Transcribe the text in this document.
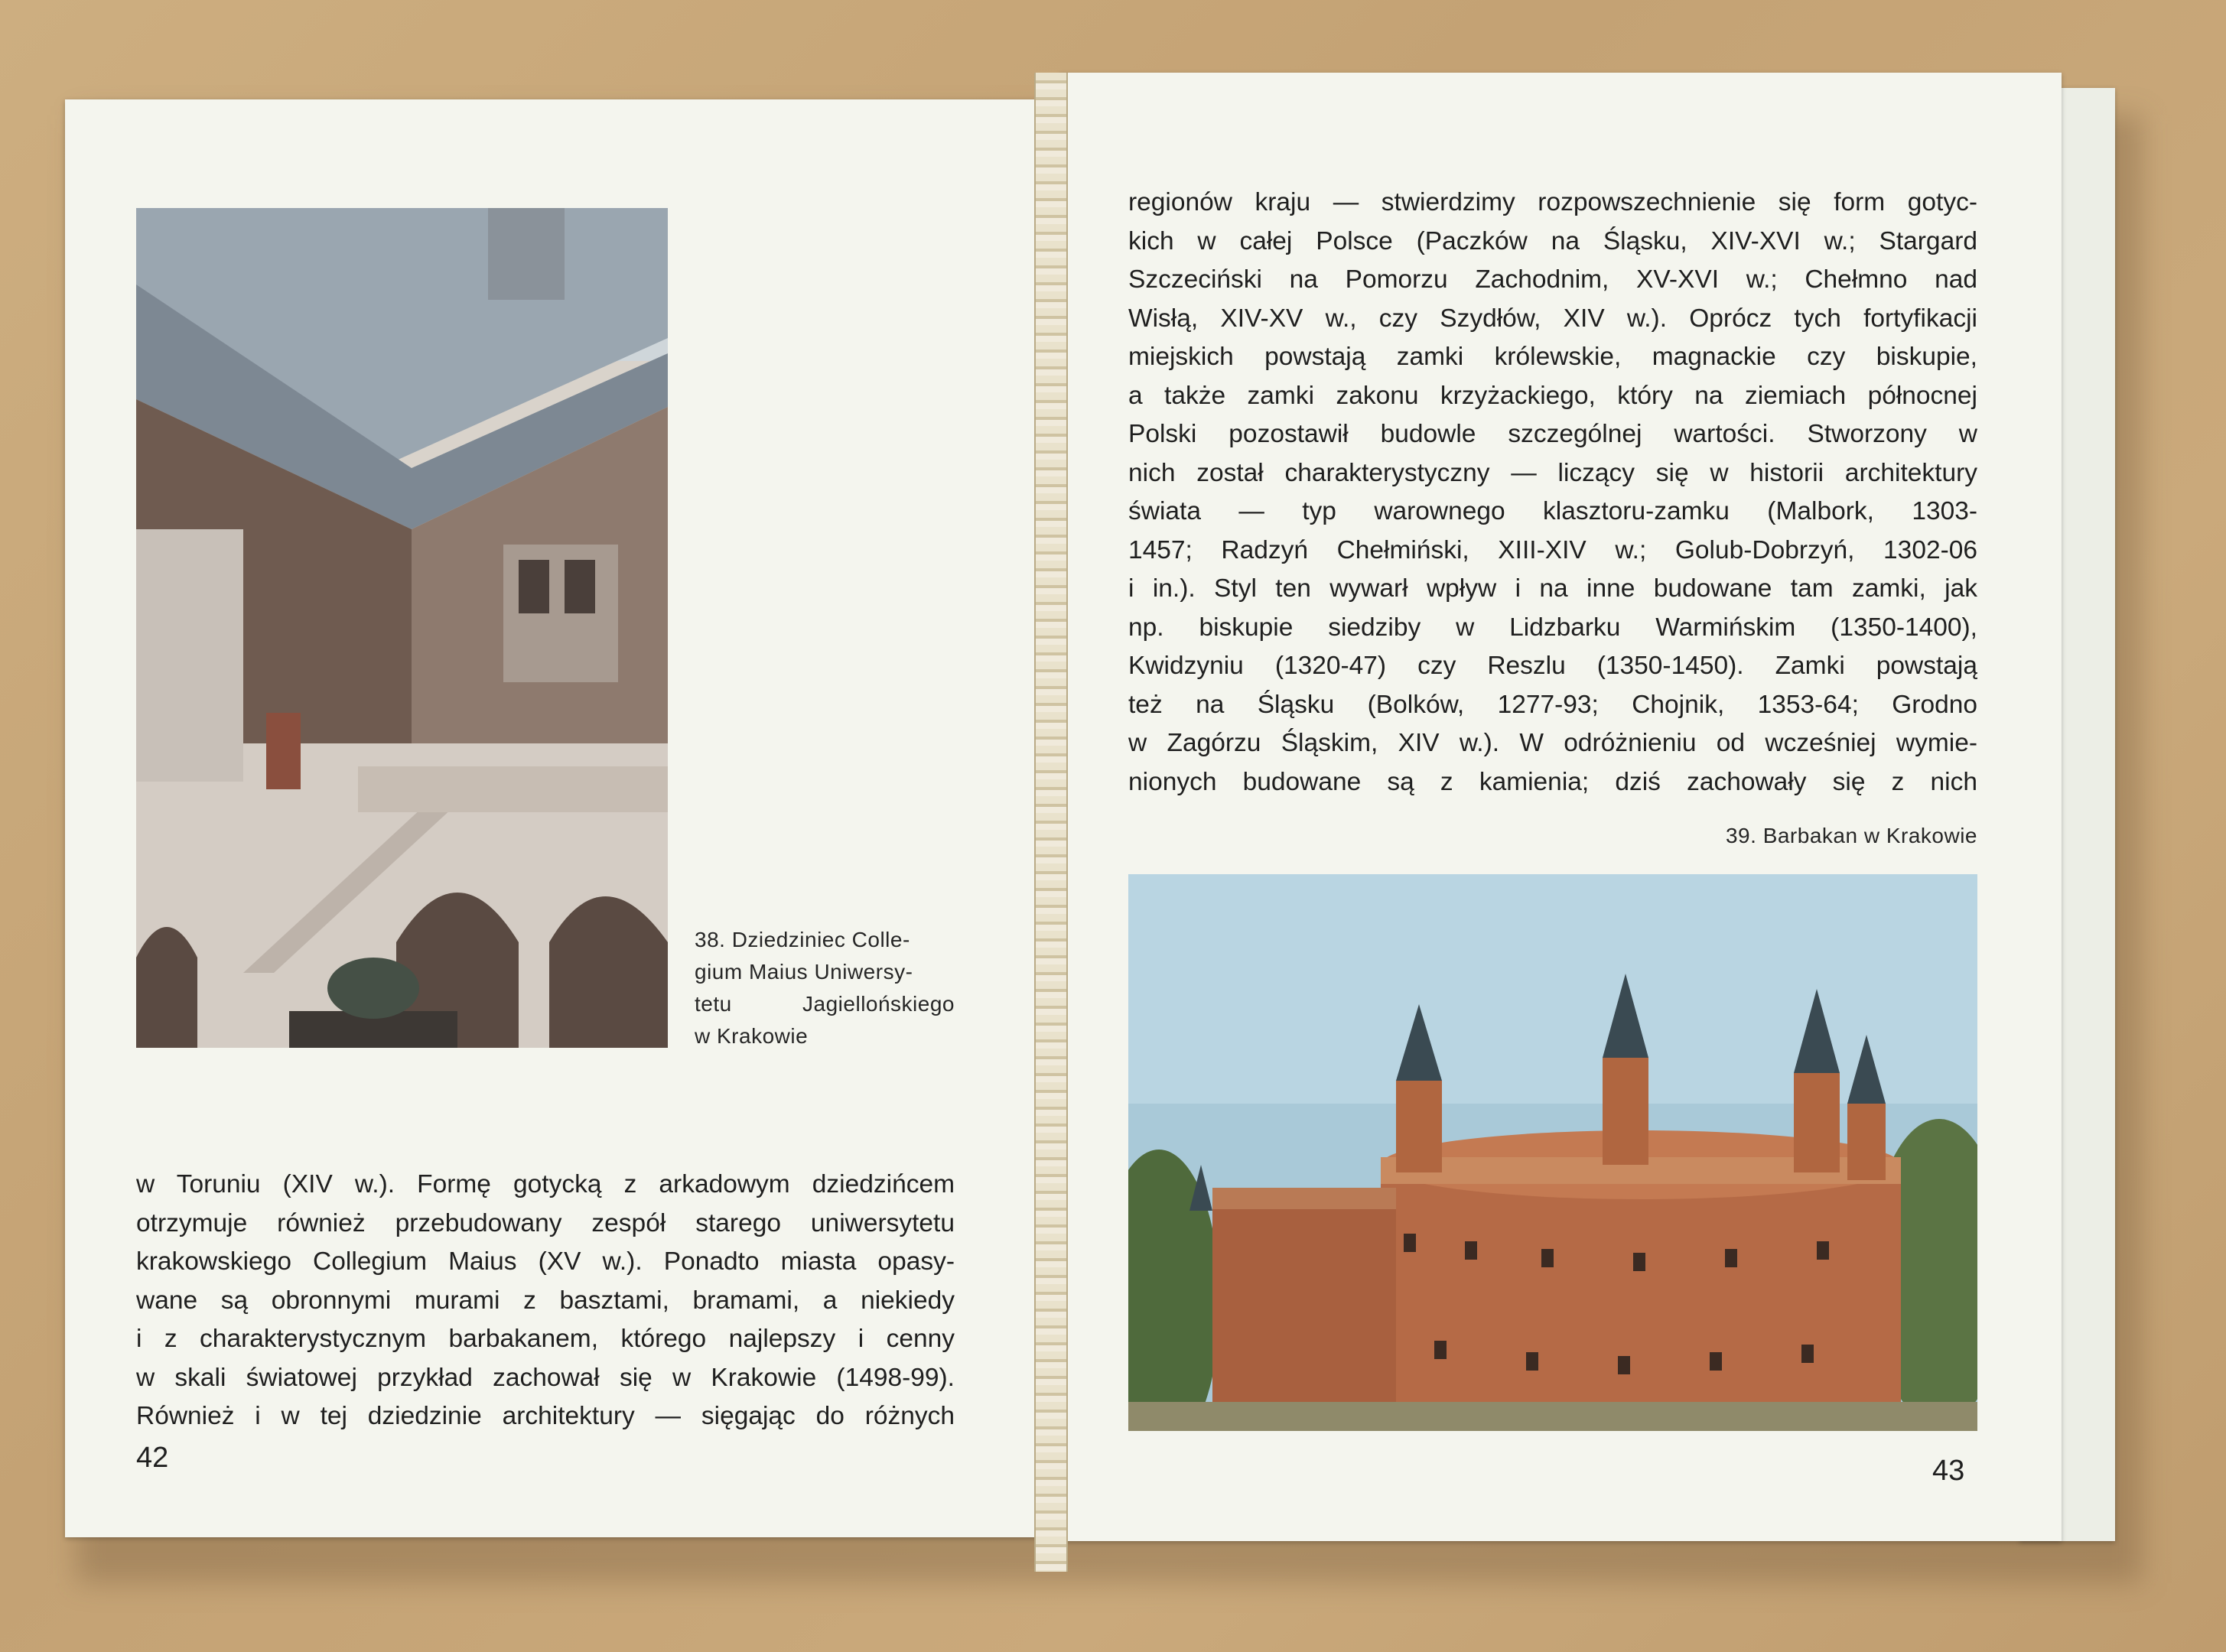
38. Dziedziniec Colle-
gium Maius Uniwersy-
tetu Jagiellońskiego
w Krakowie
39. Barbakan w Krakowie
w Toruniu (XIV w.). Formę gotycką z arkadowym dziedzińcem
otrzymuje również przebudowany zespół starego uniwersytetu
krakowskiego Collegium Maius (XV w.). Ponadto miasta opasy-
wane są obronnymi murami z basztami, bramami, a niekiedy
i z charakterystycznym barbakanem, którego najlepszy i cenny
w skali światowej przykład zachował się w Krakowie (1498-99).
Również i w tej dziedzinie architektury — sięgając do różnych
regionów kraju — stwierdzimy rozpowszechnienie się form gotyc-
kich w całej Polsce (Paczków na Śląsku, XIV-XVI w.; Stargard
Szczeciński na Pomorzu Zachodnim, XV-XVI w.; Chełmno nad
Wisłą, XIV-XV w., czy Szydłów, XIV w.). Oprócz tych fortyfikacji
miejskich powstają zamki królewskie, magnackie czy biskupie,
a także zamki zakonu krzyżackiego, który na ziemiach północnej
Polski pozostawił budowle szczególnej wartości. Stworzony w
nich został charakterystyczny — liczący się w historii architektury
świata — typ warownego klasztoru-zamku (Malbork, 1303-
1457; Radzyń Chełmiński, XIII-XIV w.; Golub-Dobrzyń, 1302-06
i in.). Styl ten wywarł wpływ i na inne budowane tam zamki, jak
np. biskupie siedziby w Lidzbarku Warmińskim (1350-1400),
Kwidzyniu (1320-47) czy Reszlu (1350-1450). Zamki powstają
też na Śląsku (Bolków, 1277-93; Chojnik, 1353-64; Grodno
w Zagórzu Śląskim, XIV w.). W odróżnieniu od wcześniej wymie-
nionych budowane są z kamienia; dziś zachowały się z nich
42	43
